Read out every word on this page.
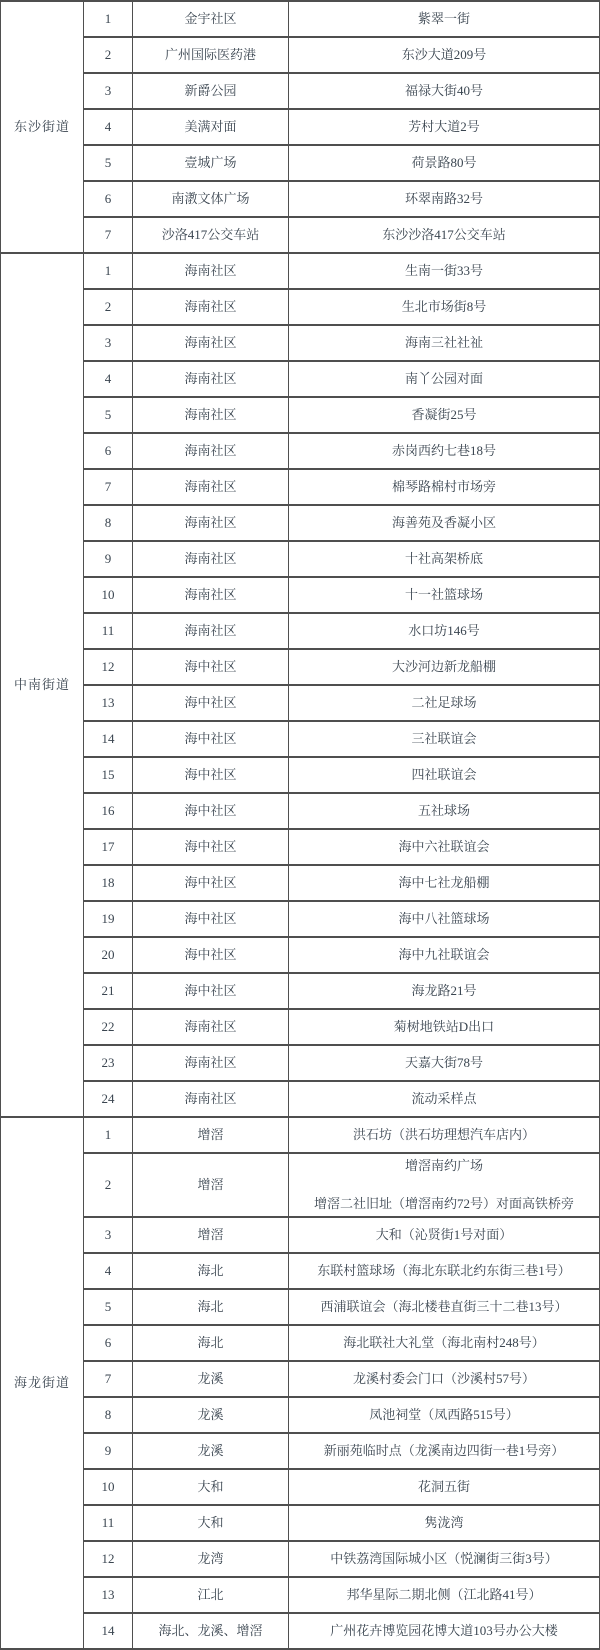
东沙街道	1	金宇社区	紫翠一街
	2	广州国际医药港	东沙大道209号
	3	新爵公园	福禄大街40号
	4	美满对面	芳村大道2号
	5	壹城广场	荷景路80号
	6	南漖文体广场	环翠南路32号
	7	沙洛417公交车站	东沙沙洛417公交车站
中南街道	1	海南社区	生南一街33号
	2	海南社区	生北市场街8号
	3	海南社区	海南三社社祉
	4	海南社区	南丫公园对面
	5	海南社区	香凝街25号
	6	海南社区	赤岗西约七巷18号
	7	海南社区	棉琴路棉村市场旁
	8	海南社区	海善苑及香凝小区
	9	海南社区	十社高架桥底
	10	海南社区	十一社篮球场
	11	海南社区	水口坊146号
	12	海中社区	大沙河边新龙船棚
	13	海中社区	二社足球场
	14	海中社区	三社联谊会
	15	海中社区	四社联谊会
	16	海中社区	五社球场
	17	海中社区	海中六社联谊会
	18	海中社区	海中七社龙船棚
	19	海中社区	海中八社篮球场
	20	海中社区	海中九社联谊会
	21	海中社区	海龙路21号
	22	海南社区	菊树地铁站D出口
	23	海南社区	天嘉大街78号
	24	海南社区	流动采样点
海龙街道	1	增滘	洪石坊（洪石坊理想汽车店内）
	2	增滘	增滘南约广场
增滘二社旧址（增滘南约72号）对面高铁桥旁

	3	增滘	大和（沁贤街1号对面）
	4	海北	东联村篮球场（海北东联北约东街三巷1号）
	5	海北	西浦联谊会（海北楼巷直街三十二巷13号）
	6	海北	海北联社大礼堂（海北南村248号）
	7	龙溪	龙溪村委会门口（沙溪村57号）
	8	龙溪	凤池祠堂（凤西路515号）
	9	龙溪	新丽苑临时点（龙溪南边四街一巷1号旁）
	10	大和	花洞五街
	11	大和	隽泷湾
	12	龙湾	中铁荔湾国际城小区（悦澜街三街3号）
	13	江北	邦华星际二期北侧（江北路41号）
	14	海北、龙溪、增滘	广州花卉博览园花博大道103号办公大楼
